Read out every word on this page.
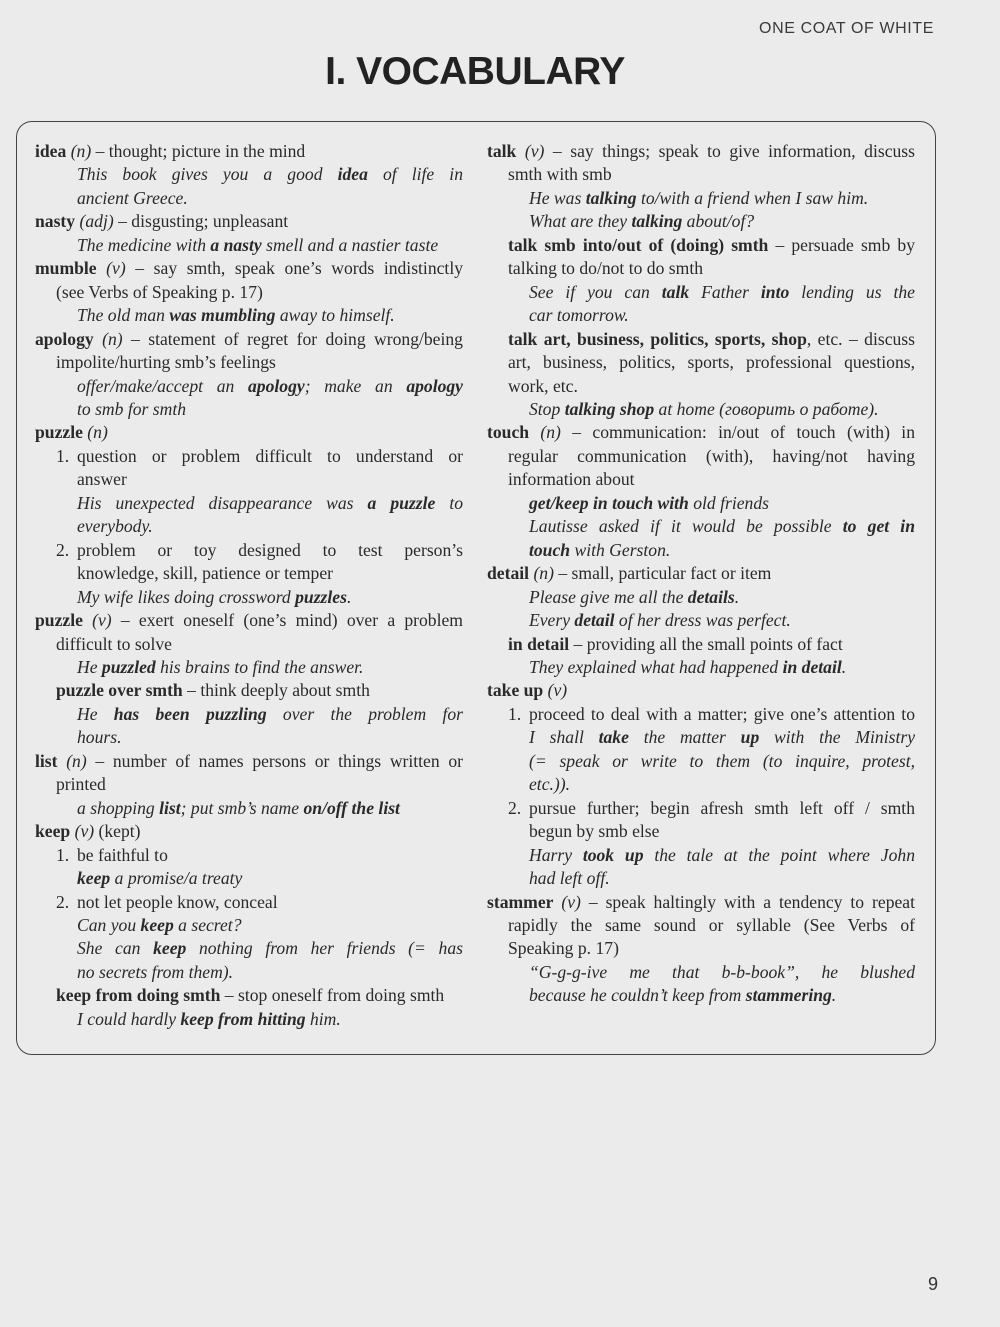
ONE COAT OF WHITE
I. VOCABULARY
idea (n) – thought; picture in the mind
This book gives you a good idea of life in
ancient Greece.
nasty (adj) – disgusting; unpleasant
The medicine with a nasty smell and a nastier taste
mumble (v) – say smth, speak one’s words indistinctly
(see Verbs of Speaking p. 17)
The old man was mumbling away to himself.
apology (n) – statement of regret for doing wrong/being
impolite/hurting smb’s feelings
offer/make/accept an apology; make an apology
to smb for smth
puzzle (n)
1. question or problem difficult to understand or
answer
His unexpected disappearance was a puzzle to
everybody.
2. problem or toy designed to test person’s
knowledge, skill, patience or temper
My wife likes doing crossword puzzles.
puzzle (v) – exert oneself (one’s mind) over a problem
difficult to solve
He puzzled his brains to find the answer.
puzzle over smth – think deeply about smth
He has been puzzling over the problem for
hours.
list (n) – number of names persons or things written or
printed
a shopping list; put smb’s name on/off the list
keep (v) (kept)
1. be faithful to
keep a promise/a treaty
2. not let people know, conceal
Can you keep a secret?
She can keep nothing from her friends (= has
no secrets from them).
keep from doing smth – stop oneself from doing smth
I could hardly keep from hitting him.
talk (v) – say things; speak to give information, discuss
smth with smb
He was talking to/with a friend when I saw him.
What are they talking about/of?
talk smb into/out of (doing) smth – persuade smb by
talking to do/not to do smth
See if you can talk Father into lending us the
car tomorrow.
talk art, business, politics, sports, shop, etc. – discuss
art, business, politics, sports, professional questions,
work, etc.
Stop talking shop at home (говорить о работе).
touch (n) – communication: in/out of touch (with) in
regular communication (with), having/not having
information about
get/keep in touch with old friends
Lautisse asked if it would be possible to get in
touch with Gerston.
detail (n) – small, particular fact or item
Please give me all the details.
Every detail of her dress was perfect.
in detail – providing all the small points of fact
They explained what had happened in detail.
take up (v)
1. proceed to deal with a matter; give one’s attention to
I shall take the matter up with the Ministry
(= speak or write to them (to inquire, protest,
etc.)).
2. pursue further; begin afresh smth left off / smth
begun by smb else
Harry took up the tale at the point where John
had left off.
stammer (v) – speak haltingly with a tendency to repeat
rapidly the same sound or syllable (See Verbs of
Speaking p. 17)
“G-g-g-ive me that b-b-book”, he blushed
because he couldn’t keep from stammering.
9
